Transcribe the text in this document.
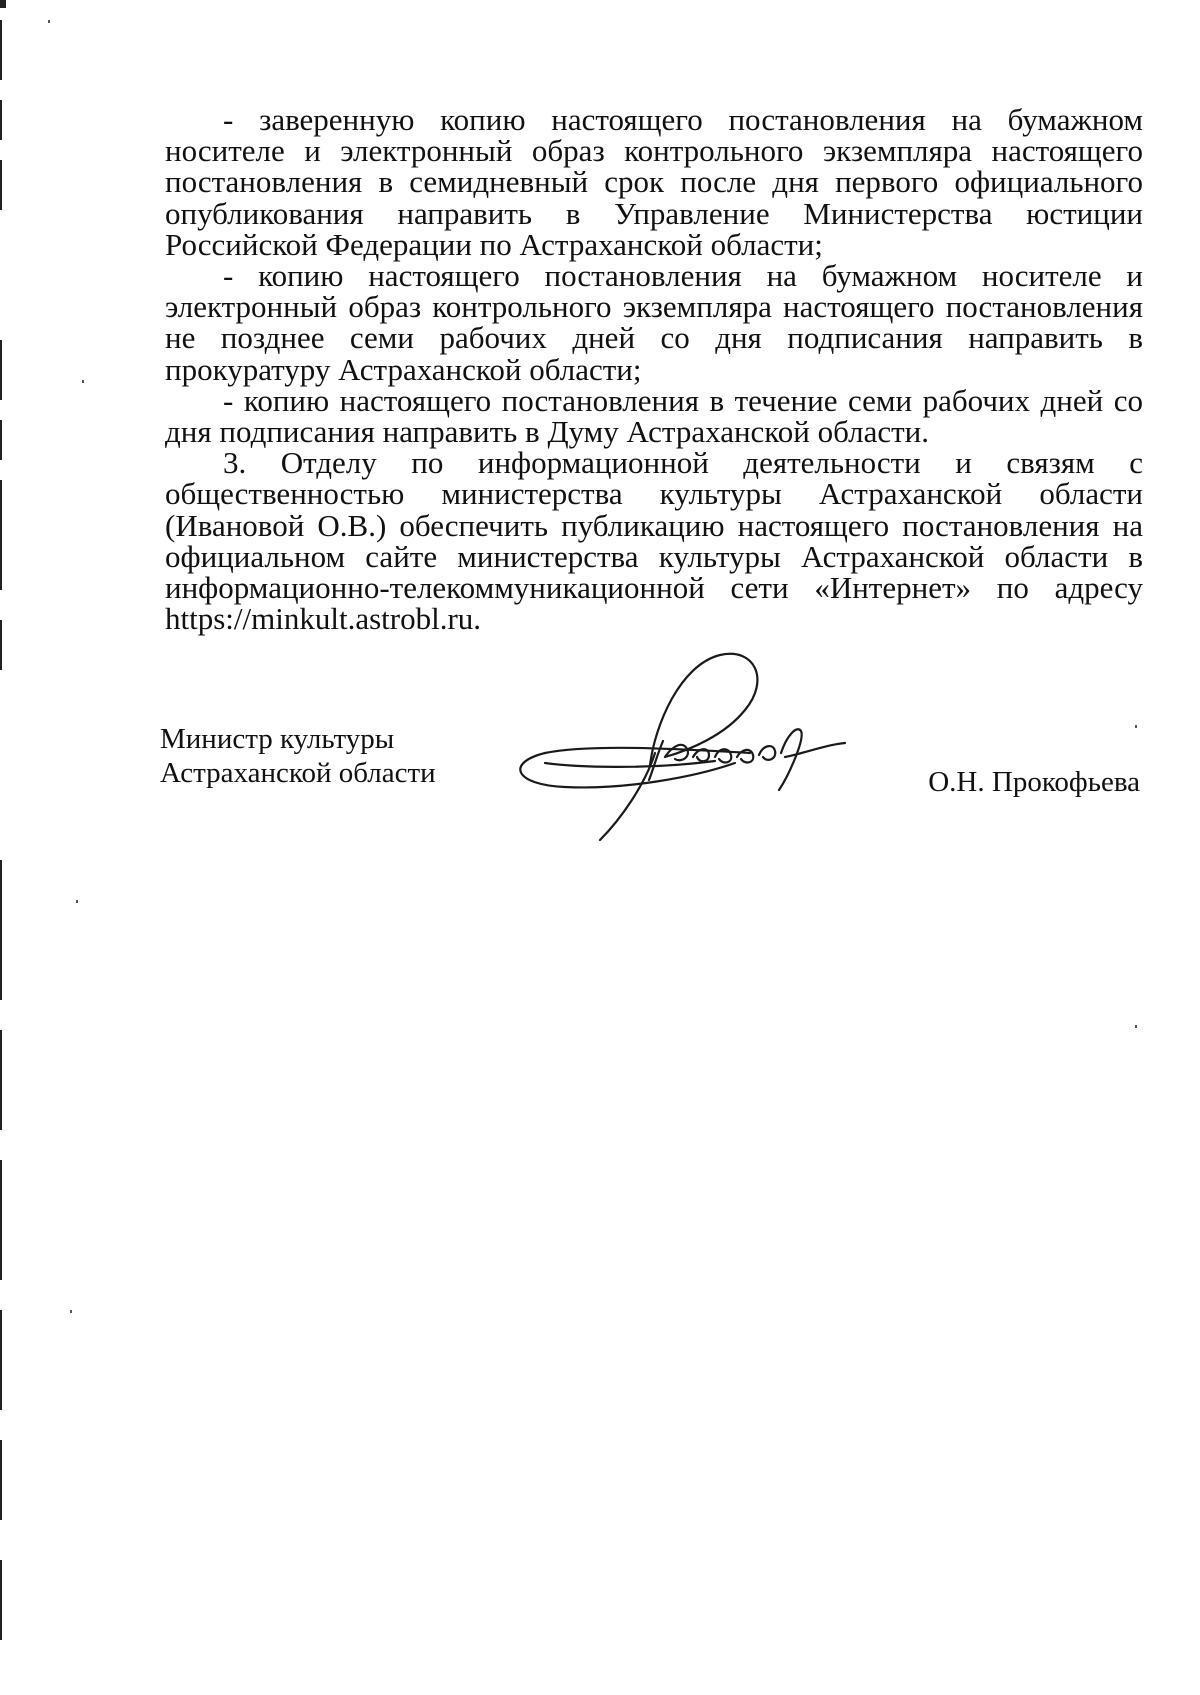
- заверенную копию настоящего постановления на бумажном носителе и электронный образ контрольного экземпляра настоящего постановления в семидневный срок после дня первого официального опубликования направить в Управление Министерства юстиции Российской Федерации по Астраханской области;

- копию настоящего постановления на бумажном носителе и электронный образ контрольного экземпляра настоящего постановления не позднее семи рабочих дней со дня подписания направить в прокуратуру Астраханской области;

- копию настоящего постановления в течение семи рабочих дней со дня подписания направить в Думу Астраханской области.

3. Отделу по информационной деятельности и связям с общественностью министерства культуры Астраханской области (Ивановой О.В.) обеспечить публикацию настоящего постановления на официальном сайте министерства культуры Астраханской области в информационно-телекоммуникационной сети «Интернет» по адресу https://minkult.astrobl.ru.

Министр культуры
Астраханской области	О.Н. Прокофьева
